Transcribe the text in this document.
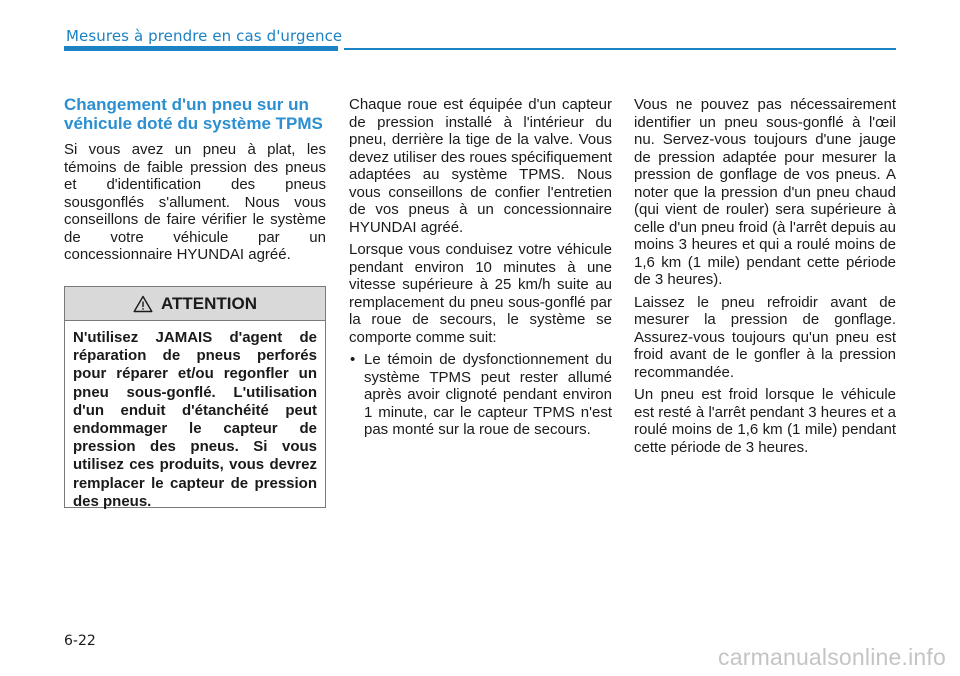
Mesures à prendre en cas d'urgence
Changement d'un pneu sur un véhicule doté du système TPMS

Si vous avez un pneu à plat, les témoins de faible pression des pneus et d'identification des pneus sousgonflés s'allument. Nous vous conseillons de faire vérifier le système de votre véhicule par un concessionnaire HYUNDAI agréé.

ATTENTION
N'utilisez JAMAIS d'agent de réparation de pneus perforés pour réparer et/ou regonfler un pneu sous-gonflé. L'utilisation d'un enduit d'étanchéité peut endommager le capteur de pression des pneus. Si vous utilisez ces produits, vous devrez remplacer le capteur de pression des pneus.

Chaque roue est équipée d'un capteur de pression installé à l'intérieur du pneu, derrière la tige de la valve. Vous devez utiliser des roues spécifiquement adaptées au système TPMS. Nous vous conseillons de confier l'entretien de vos pneus à un concessionnaire HYUNDAI agréé.

Lorsque vous conduisez votre véhicule pendant environ 10 minutes à une vitesse supérieure à 25 km/h suite au remplacement du pneu sous-gonflé par la roue de secours, le système se comporte comme suit:

• Le témoin de dysfonctionnement du système TPMS peut rester allumé après avoir clignoté pendant environ 1 minute, car le capteur TPMS n'est pas monté sur la roue de secours.

Vous ne pouvez pas nécessairement identifier un pneu sous-gonflé à l'œil nu. Servez-vous toujours d'une jauge de pression adaptée pour mesurer la pression de gonflage de vos pneus. A noter que la pression d'un pneu chaud (qui vient de rouler) sera supérieure à celle d'un pneu froid (à l'arrêt depuis au moins 3 heures et qui a roulé moins de 1,6 km (1 mile) pendant cette période de 3 heures).

Laissez le pneu refroidir avant de mesurer la pression de gonflage. Assurez-vous toujours qu'un pneu est froid avant de le gonfler à la pression recommandée.

Un pneu est froid lorsque le véhicule est resté à l'arrêt pendant 3 heures et a roulé moins de 1,6 km (1 mile) pendant cette période de 3 heures.

6-22
carmanualsonline.info
